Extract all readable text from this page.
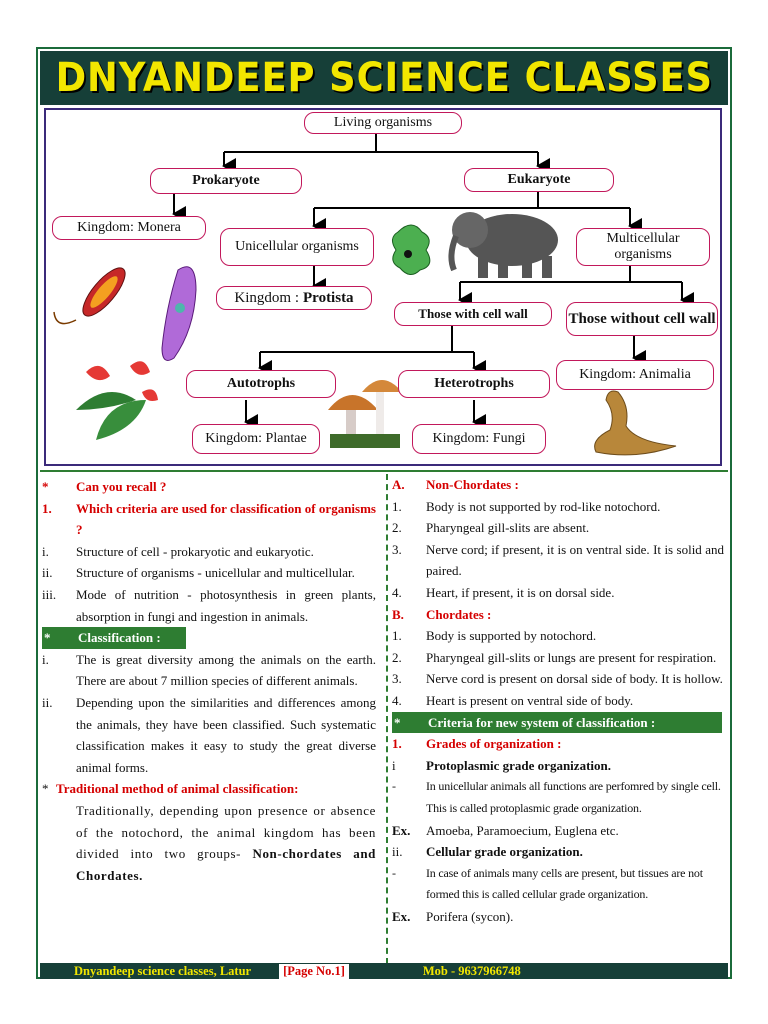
DNYANDEEP SCIENCE CLASSES
Living organisms
Prokaryote	Eukaryote
Kingdom: Monera
Unicellular organisms
Multicellular organisms
Kingdom : Protista
Those with cell wall	Those without cell wall
Kingdom: Animalia
Autotrophs	Heterotrophs
Kingdom: Plantae	Kingdom: Fungi
*	Can you recall ?
1.	Which criteria are used for classification of organisms ?
i.	Structure of cell - prokaryotic and eukaryotic.
ii.	Structure of organisms - unicellular and multicellular.
iii.	Mode of nutrition - photosynthesis in green plants, absorption in fungi and ingestion in animals.
*	Classification :
i.	The is great diversity among the animals on the earth. There are about 7 million species of different animals.
ii.	Depending upon the similarities and differences among the animals, they have been classified. Such systematic classification makes it easy to study the great diverse animal forms.
* Traditional method of animal classification:
Traditionally, depending upon presence or absence of the notochord, the animal kingdom has been divided into two groups- Non-chordates and Chordates.
A.	Non-Chordates :
1.	Body is not supported by rod-like notochord.
2.	Pharyngeal gill-slits are absent.
3.	Nerve cord; if present, it is on ventral side. It is solid and paired.
4.	Heart, if present, it is on dorsal side.
B.	Chordates :
1.	Body is supported by notochord.
2.	Pharyngeal gill-slits or lungs are present for respiration.
3.	Nerve cord is present on dorsal side of body. It is hollow.
4.	Heart is present on ventral side of body.
*	Criteria for new system of classification :
1.	Grades of organization :
i	Protoplasmic grade organization.
-	In unicellular animals all functions are perfomred by single cell. This is called protoplasmic grade organization.
Ex.	Amoeba, Paramoecium, Euglena etc.
ii.	Cellular grade organization.
-	In case of animals many cells are present, but tissues are not formed this is called cellular grade organization.
Ex.	Porifera (sycon).
Dnyandeep science classes, Latur	[Page No.1]	Mob - 9637966748
